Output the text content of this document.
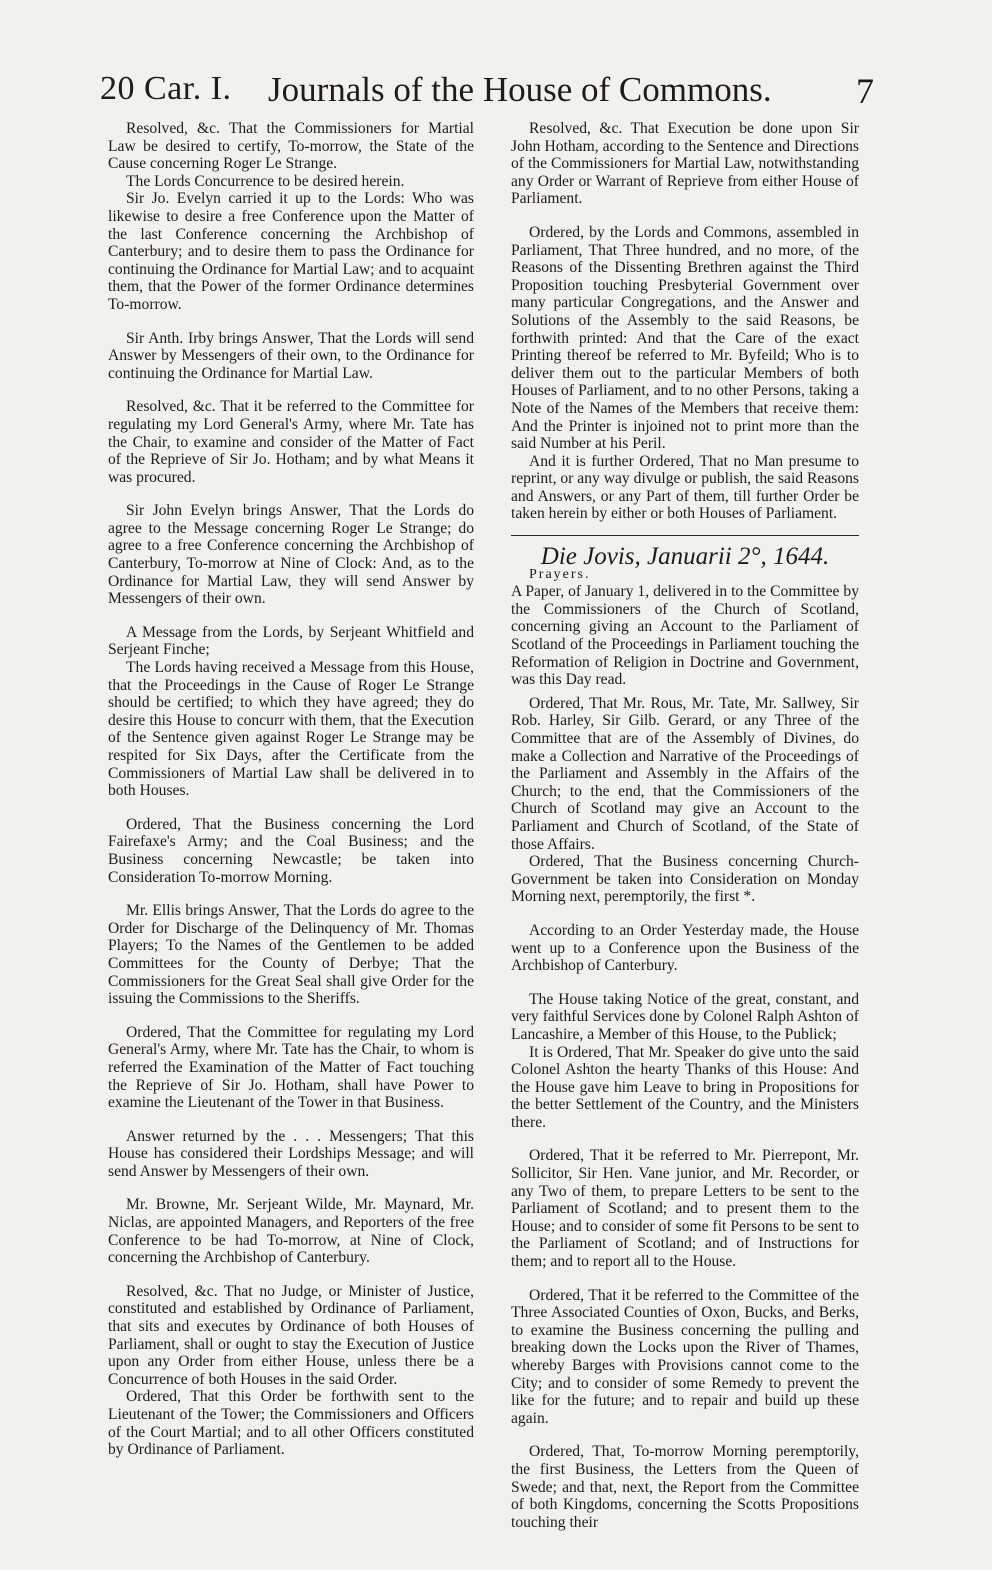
20 Car. I. Journals of the House of Commons. 7

Resolved, &c. That the Commissioners for Martial Law be desired to certify, To-morrow, the State of the Cause concerning Roger Le Strange.

The Lords Concurrence to be desired herein.

Sir Jo. Evelyn carried it up to the Lords: Who was likewise to desire a free Conference upon the Matter of the last Conference concerning the Archbishop of Canterbury; and to desire them to pass the Ordinance for continuing the Ordinance for Martial Law; and to acquaint them, that the Power of the former Ordinance determines To-morrow.

Sir Anth. Irby brings Answer, That the Lords will send Answer by Messengers of their own, to the Ordinance for continuing the Ordinance for Martial Law.

Resolved, &c. That it be referred to the Committee for regulating my Lord General's Army, where Mr. Tate has the Chair, to examine and consider of the Matter of Fact of the Reprieve of Sir Jo. Hotham; and by what Means it was procured.

Sir John Evelyn brings Answer, That the Lords do agree to the Message concerning Roger Le Strange; do agree to a free Conference concerning the Archbishop of Canterbury, To-morrow at Nine of Clock: And, as to the Ordinance for Martial Law, they will send Answer by Messengers of their own.

A Message from the Lords, by Serjeant Whitfield and Serjeant Finche;

The Lords having received a Message from this House, that the Proceedings in the Cause of Roger Le Strange should be certified; to which they have agreed; they do desire this House to concurr with them, that the Execution of the Sentence given against Roger Le Strange may be respited for Six Days, after the Certificate from the Commissioners of Martial Law shall be delivered in to both Houses.

Ordered, That the Business concerning the Lord Fairefaxe's Army; and the Coal Business; and the Business concerning Newcastle; be taken into Consideration To-morrow Morning.

Mr. Ellis brings Answer, That the Lords do agree to the Order for Discharge of the Delinquency of Mr. Thomas Players; To the Names of the Gentlemen to be added Committees for the County of Derbye; That the Commissioners for the Great Seal shall give Order for the issuing the Commissions to the Sheriffs.

Ordered, That the Committee for regulating my Lord General's Army, where Mr. Tate has the Chair, to whom is referred the Examination of the Matter of Fact touching the Reprieve of Sir Jo. Hotham, shall have Power to examine the Lieutenant of the Tower in that Business.

Answer returned by the . . . Messengers; That this House has considered their Lordships Message; and will send Answer by Messengers of their own.

Mr. Browne, Mr. Serjeant Wilde, Mr. Maynard, Mr. Niclas, are appointed Managers, and Reporters of the free Conference to be had To-morrow, at Nine of Clock, concerning the Archbishop of Canterbury.

Resolved, &c. That no Judge, or Minister of Justice, constituted and established by Ordinance of Parliament, that sits and executes by Ordinance of both Houses of Parliament, shall or ought to stay the Execution of Justice upon any Order from either House, unless there be a Concurrence of both Houses in the said Order.

Ordered, That this Order be forthwith sent to the Lieutenant of the Tower; the Commissioners and Officers of the Court Martial; and to all other Officers constituted by Ordinance of Parliament.

Resolved, &c. That Execution be done upon Sir John Hotham, according to the Sentence and Directions of the Commissioners for Martial Law, notwithstanding any Order or Warrant of Reprieve from either House of Parliament.

Ordered, by the Lords and Commons, assembled in Parliament, That Three hundred, and no more, of the Reasons of the Dissenting Brethren against the Third Proposition touching Presbyterial Government over many particular Congregations, and the Answer and Solutions of the Assembly to the said Reasons, be forthwith printed: And that the Care of the exact Printing thereof be referred to Mr. Byfeild; Who is to deliver them out to the particular Members of both Houses of Parliament, and to no other Persons, taking a Note of the Names of the Members that receive them: And the Printer is injoined not to print more than the said Number at his Peril.

And it is further Ordered, That no Man presume to reprint, or any way divulge or publish, the said Reasons and Answers, or any Part of them, till further Order be taken herein by either or both Houses of Parliament.

Die Jovis, Januarii 2°, 1644.

Prayers.

A Paper, of January 1, delivered in to the Committee by the Commissioners of the Church of Scotland, concerning giving an Account to the Parliament of Scotland of the Proceedings in Parliament touching the Reformation of Religion in Doctrine and Government, was this Day read.

Ordered, That Mr. Rous, Mr. Tate, Mr. Sallwey, Sir Rob. Harley, Sir Gilb. Gerard, or any Three of the Committee that are of the Assembly of Divines, do make a Collection and Narrative of the Proceedings of the Parliament and Assembly in the Affairs of the Church; to the end, that the Commissioners of the Church of Scotland may give an Account to the Parliament and Church of Scotland, of the State of those Affairs.

Ordered, That the Business concerning Church-Government be taken into Consideration on Monday Morning next, peremptorily, the first *.

According to an Order Yesterday made, the House went up to a Conference upon the Business of the Archbishop of Canterbury.

The House taking Notice of the great, constant, and very faithful Services done by Colonel Ralph Ashton of Lancashire, a Member of this House, to the Publick;

It is Ordered, That Mr. Speaker do give unto the said Colonel Ashton the hearty Thanks of this House: And the House gave him Leave to bring in Propositions for the better Settlement of the Country, and the Ministers there.

Ordered, That it be referred to Mr. Pierrepont, Mr. Sollicitor, Sir Hen. Vane junior, and Mr. Recorder, or any Two of them, to prepare Letters to be sent to the Parliament of Scotland; and to present them to the House; and to consider of some fit Persons to be sent to the Parliament of Scotland; and of Instructions for them; and to report all to the House.

Ordered, That it be referred to the Committee of the Three Associated Counties of Oxon, Bucks, and Berks, to examine the Business concerning the pulling and breaking down the Locks upon the River of Thames, whereby Barges with Provisions cannot come to the City; and to consider of some Remedy to prevent the like for the future; and to repair and build up these again.

Ordered, That, To-morrow Morning peremptorily, the first Business, the Letters from the Queen of Swede; and that, next, the Report from the Committee of both Kingdoms, concerning the Scotts Propositions touching their
